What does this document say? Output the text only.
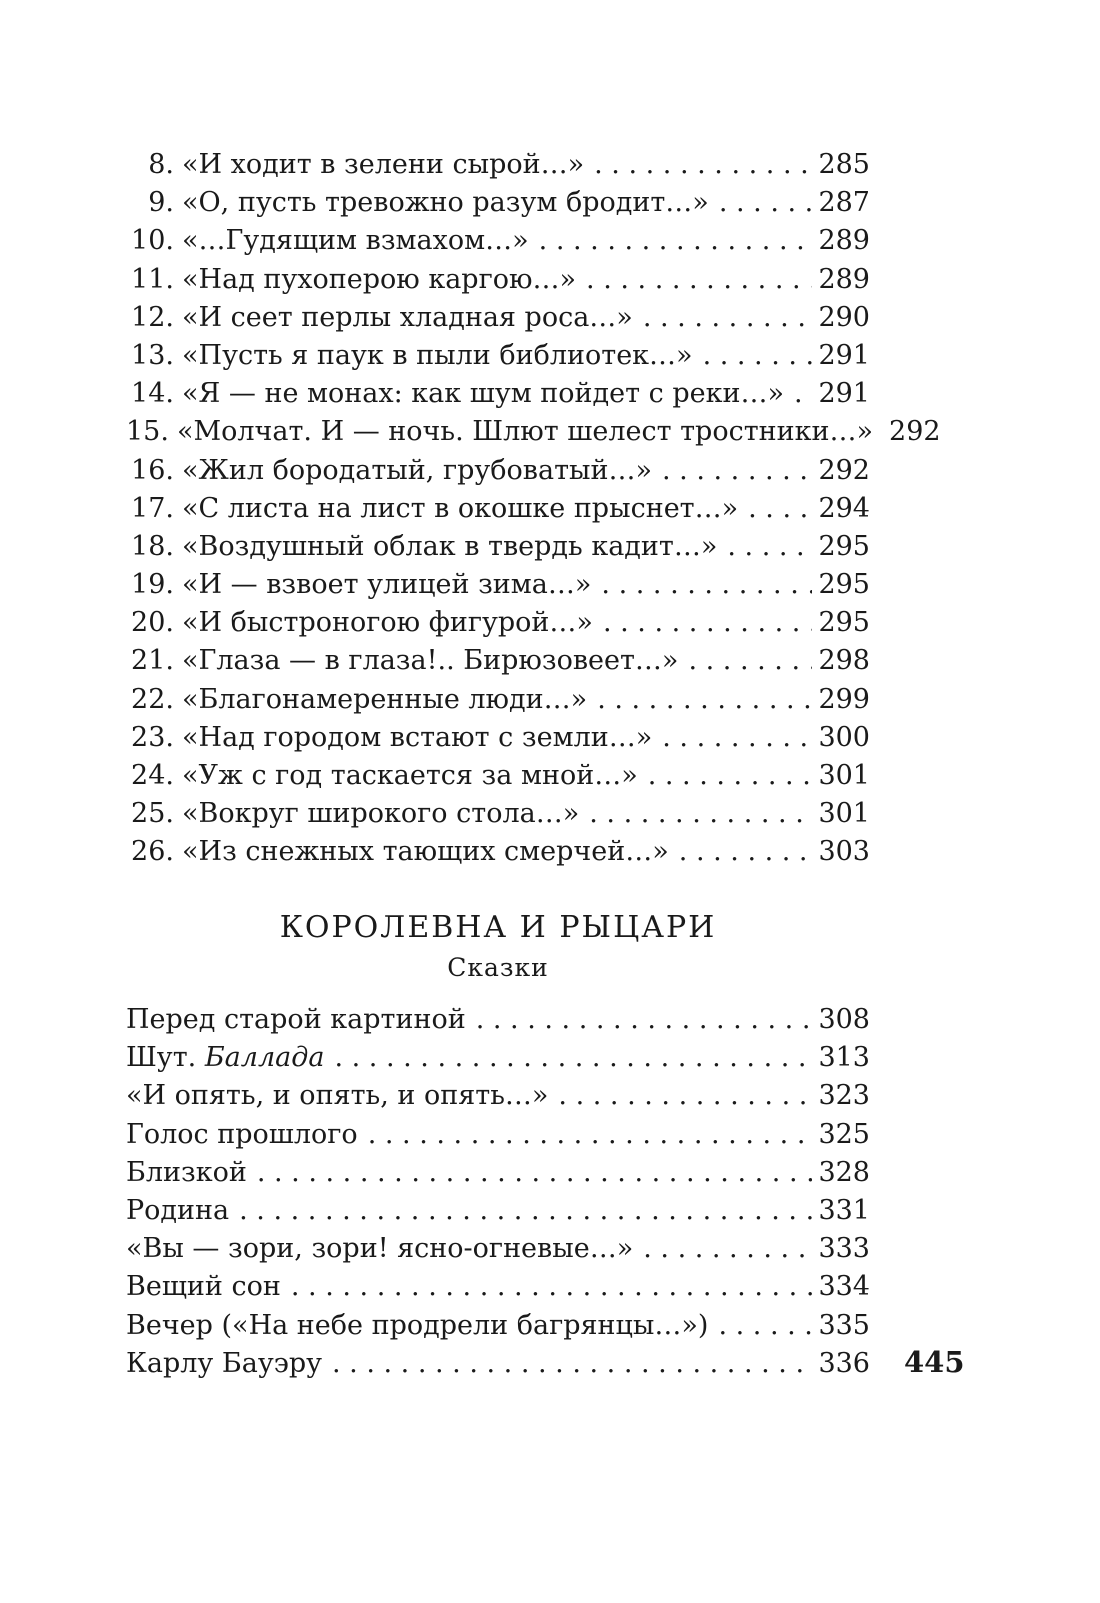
8. «И ходит в зелени сырой…» . . .	285
9. «О, пусть тревожно разум бродит…» . . .	287
10. «…Гудящим взмахом…» . . .	289
11. «Над пухоперою каргою…» . . .	289
12. «И сеет перлы хладная роса…» . . .	290
13. «Пусть я паук в пыли библиотек…» . . .	291
14. «Я — не монах: как шум пойдет с реки…» . . . 291
15. «Молчат. И — ночь. Шлют шелест тростники…» 292
16. «Жил бородатый, грубоватый…» . . .	292
17. «С листа на лист в окошке прыснет…» . . .	294
18. «Воздушный облак в твердь кадит…» . . .	295
19. «И — взвоет улицей зима…» . . .	295
20. «И быстроногою фигурой…» . . .	295
21. «Глаза — в глаза!.. Бирюзовеет…» . . .	298
22. «Благонамеренные люди…» . . .	299
23. «Над городом встают с земли…» . . .	300
24. «Уж с год таскается за мной…» . . .	301
25. «Вокруг широкого стола…» . . .	301
26. «Из снежных тающих смерчей…» . . .	303
КОРОЛЕВНА И РЫЦАРИ
Сказки
Перед старой картиной . . .	308
Шут. Баллада . . .	313
«И опять, и опять, и опять…» . . .	323
Голос прошлого . . .	325
Близкой . . .	328
Родина . . .	331
«Вы — зори, зори! ясно-огневые…» . . .	333
Вещий сон . . .	334
Вечер («На небе продрели багрянцы…») . . .	335
Карлу Бауэру . . .	336 445
